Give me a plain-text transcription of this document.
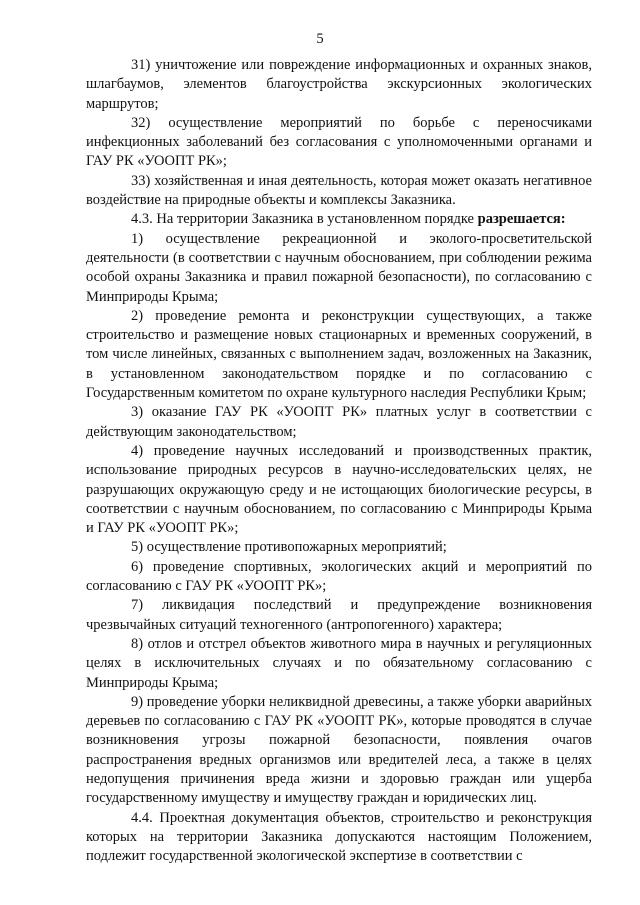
5

31) уничтожение или повреждение информационных и охранных знаков, шлагбаумов, элементов благоустройства экскурсионных экологических маршрутов;

32) осуществление мероприятий по борьбе с переносчиками инфекционных заболеваний без согласования с уполномоченными органами и ГАУ РК «УООПТ РК»;

33) хозяйственная и иная деятельность, которая может оказать негативное воздействие на природные объекты и комплексы Заказника.

4.3. На территории Заказника в установленном порядке разрешается:

1) осуществление рекреационной и эколого-просветительской деятельности (в соответствии с научным обоснованием, при соблюдении режима особой охраны Заказника и правил пожарной безопасности), по согласованию с Минприроды Крыма;

2) проведение ремонта и реконструкции существующих, а также строительство и размещение новых стационарных и временных сооружений, в том числе линейных, связанных с выполнением задач, возложенных на Заказник, в установленном законодательством порядке и по согласованию с Государственным комитетом по охране культурного наследия Республики Крым;

3) оказание ГАУ РК «УООПТ РК» платных услуг в соответствии с действующим законодательством;

4) проведение научных исследований и производственных практик, использование природных ресурсов в научно-исследовательских целях, не разрушающих окружающую среду и не истощающих биологические ресурсы, в соответствии с научным обоснованием, по согласованию с Минприроды Крыма и ГАУ РК «УООПТ РК»;

5) осуществление противопожарных мероприятий;

6) проведение спортивных, экологических акций и мероприятий по согласованию с ГАУ РК «УООПТ РК»;

7) ликвидация последствий и предупреждение возникновения чрезвычайных ситуаций техногенного (антропогенного) характера;

8) отлов и отстрел объектов животного мира в научных и регуляционных целях в исключительных случаях и по обязательному согласованию с Минприроды Крыма;

9) проведение уборки неликвидной древесины, а также уборки аварийных деревьев по согласованию с ГАУ РК «УООПТ РК», которые проводятся в случае возникновения угрозы пожарной безопасности, появления очагов распространения вредных организмов или вредителей леса, а также в целях недопущения причинения вреда жизни и здоровью граждан или ущерба государственному имуществу и имуществу граждан и юридических лиц.

4.4. Проектная документация объектов, строительство и реконструкция которых на территории Заказника допускаются настоящим Положением, подлежит государственной экологической экспертизе в соответствии с
